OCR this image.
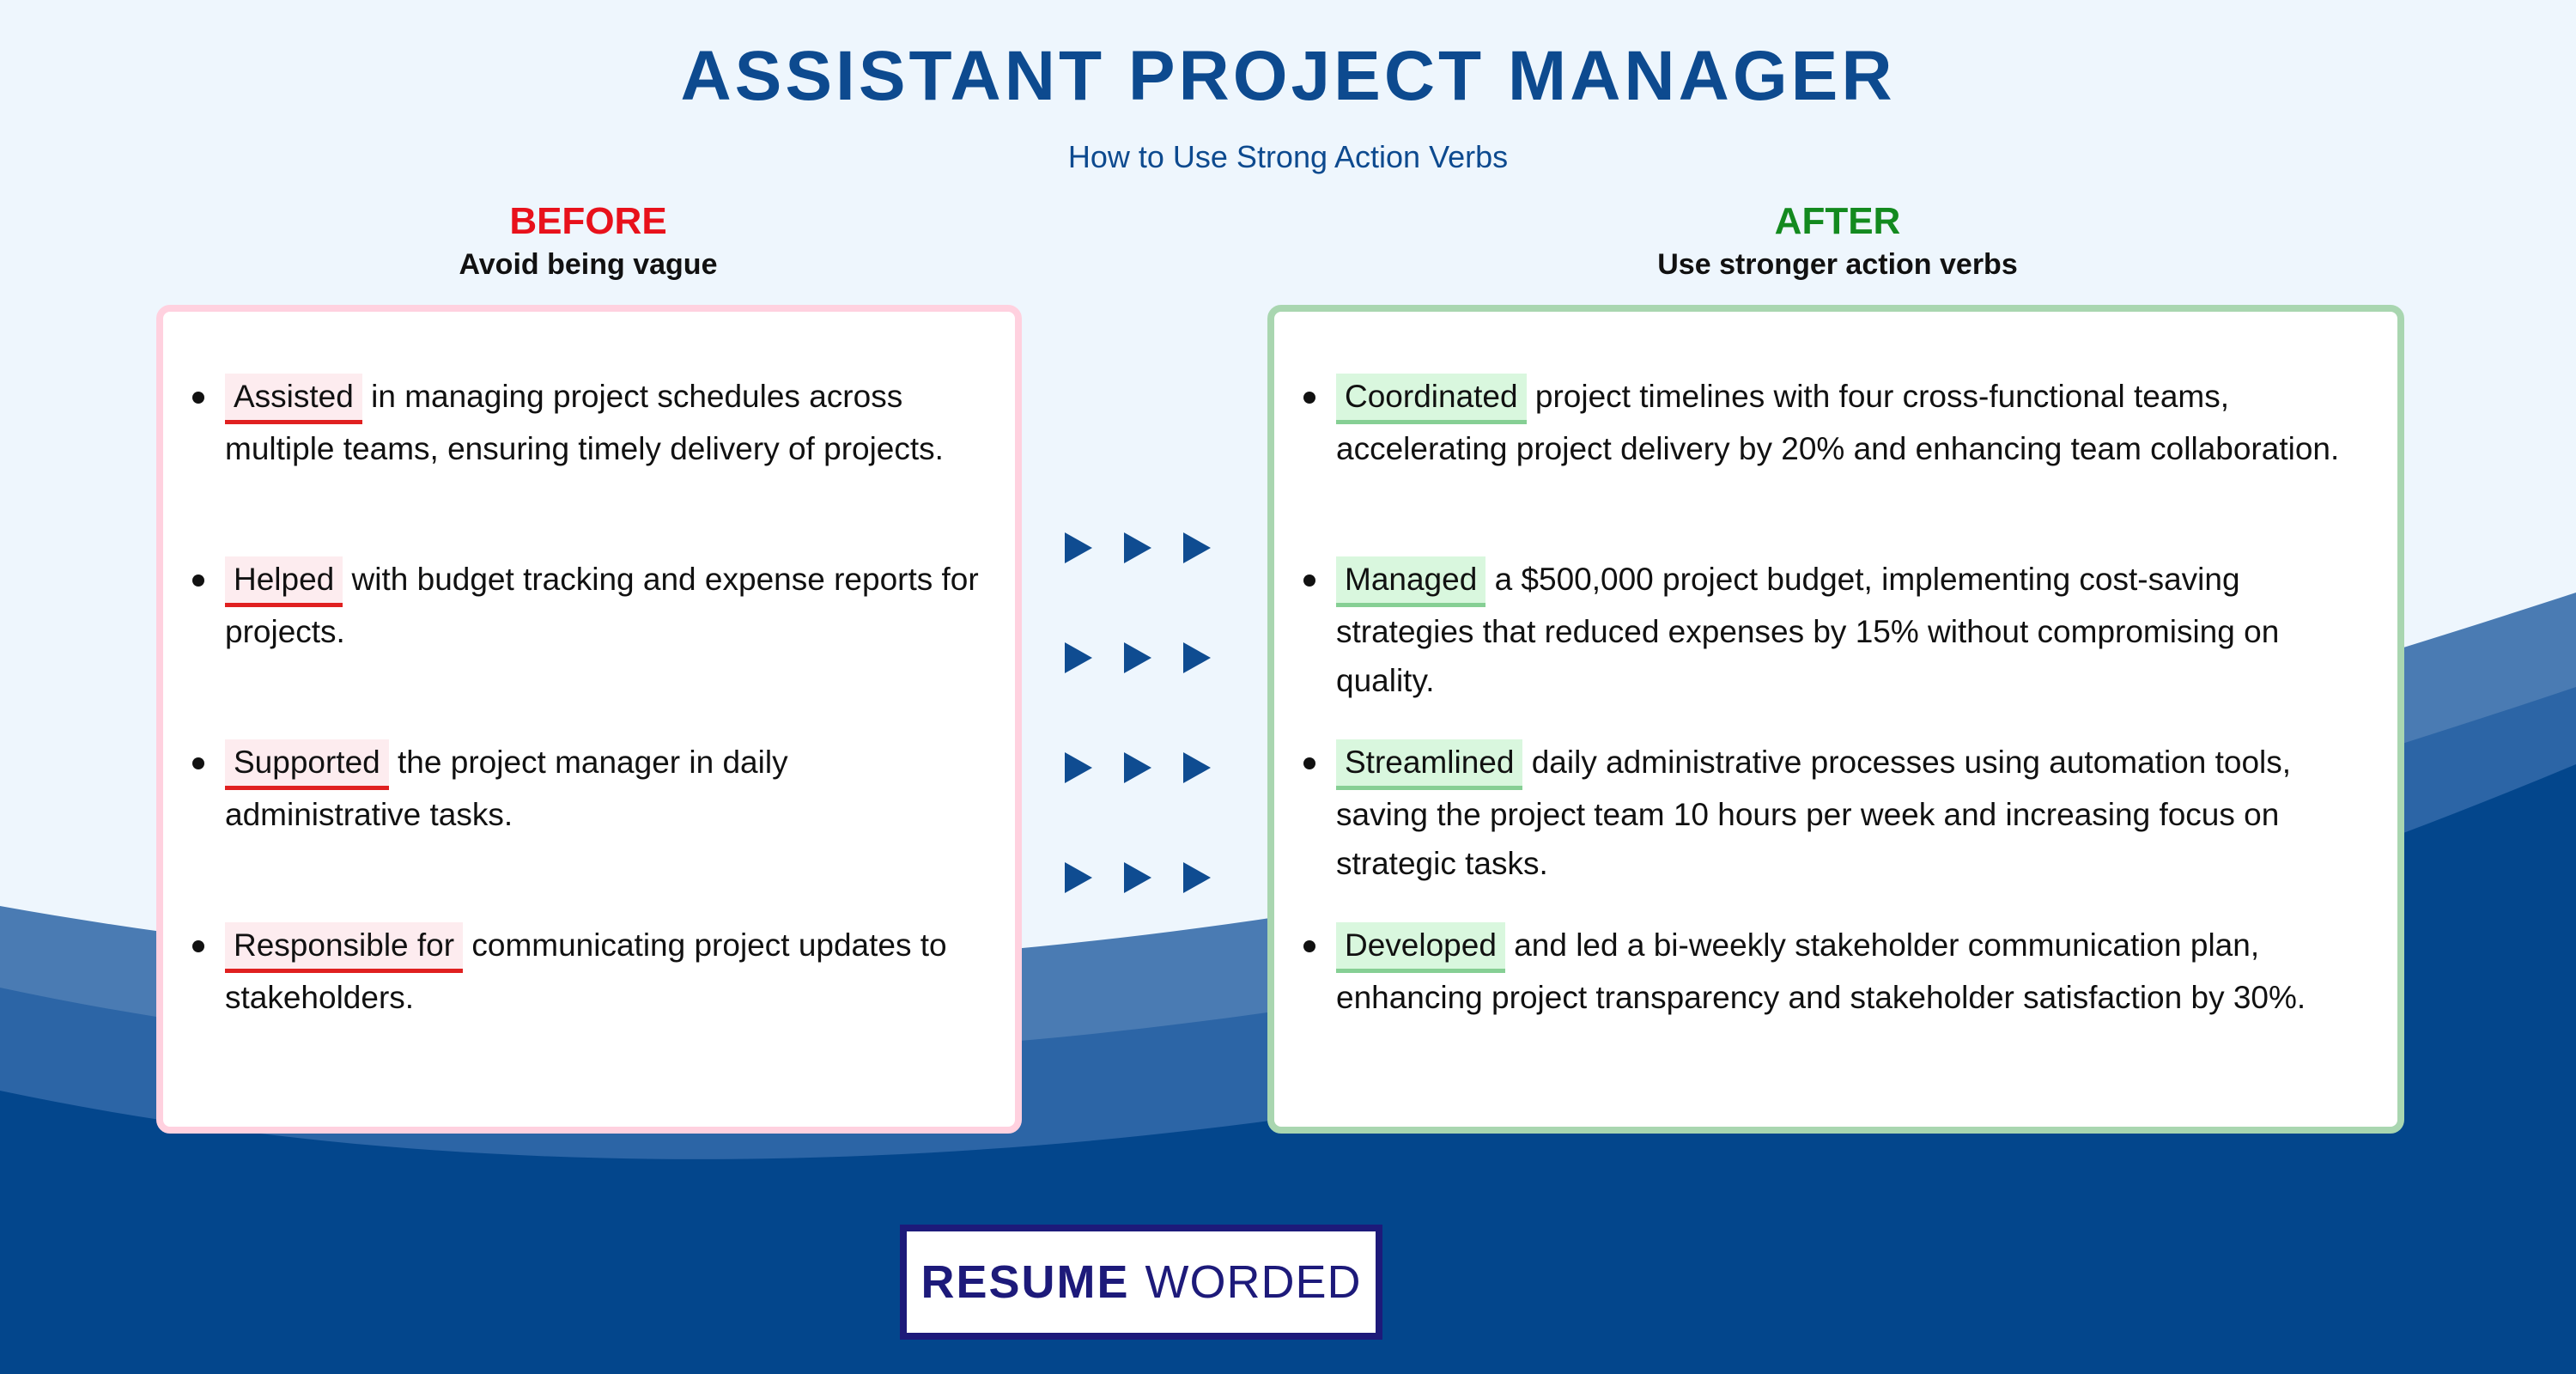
ASSISTANT PROJECT MANAGER
How to Use Strong Action Verbs
BEFORE
Avoid being vague
AFTER
Use stronger action verbs
Assisted in managing project schedules across multiple teams, ensuring timely delivery of projects.
Helped with budget tracking and expense reports for projects.
Supported the project manager in daily administrative tasks.
Responsible for communicating project updates to stakeholders.
Coordinated project timelines with four cross-functional teams, accelerating project delivery by 20% and enhancing team collaboration.
Managed a $500,000 project budget, implementing cost-saving strategies that reduced expenses by 15% without compromising on quality.
Streamlined daily administrative processes using automation tools, saving the project team 10 hours per week and increasing focus on strategic tasks.
Developed and led a bi-weekly stakeholder communication plan, enhancing project transparency and stakeholder satisfaction by 30%.
RESUME WORDED
